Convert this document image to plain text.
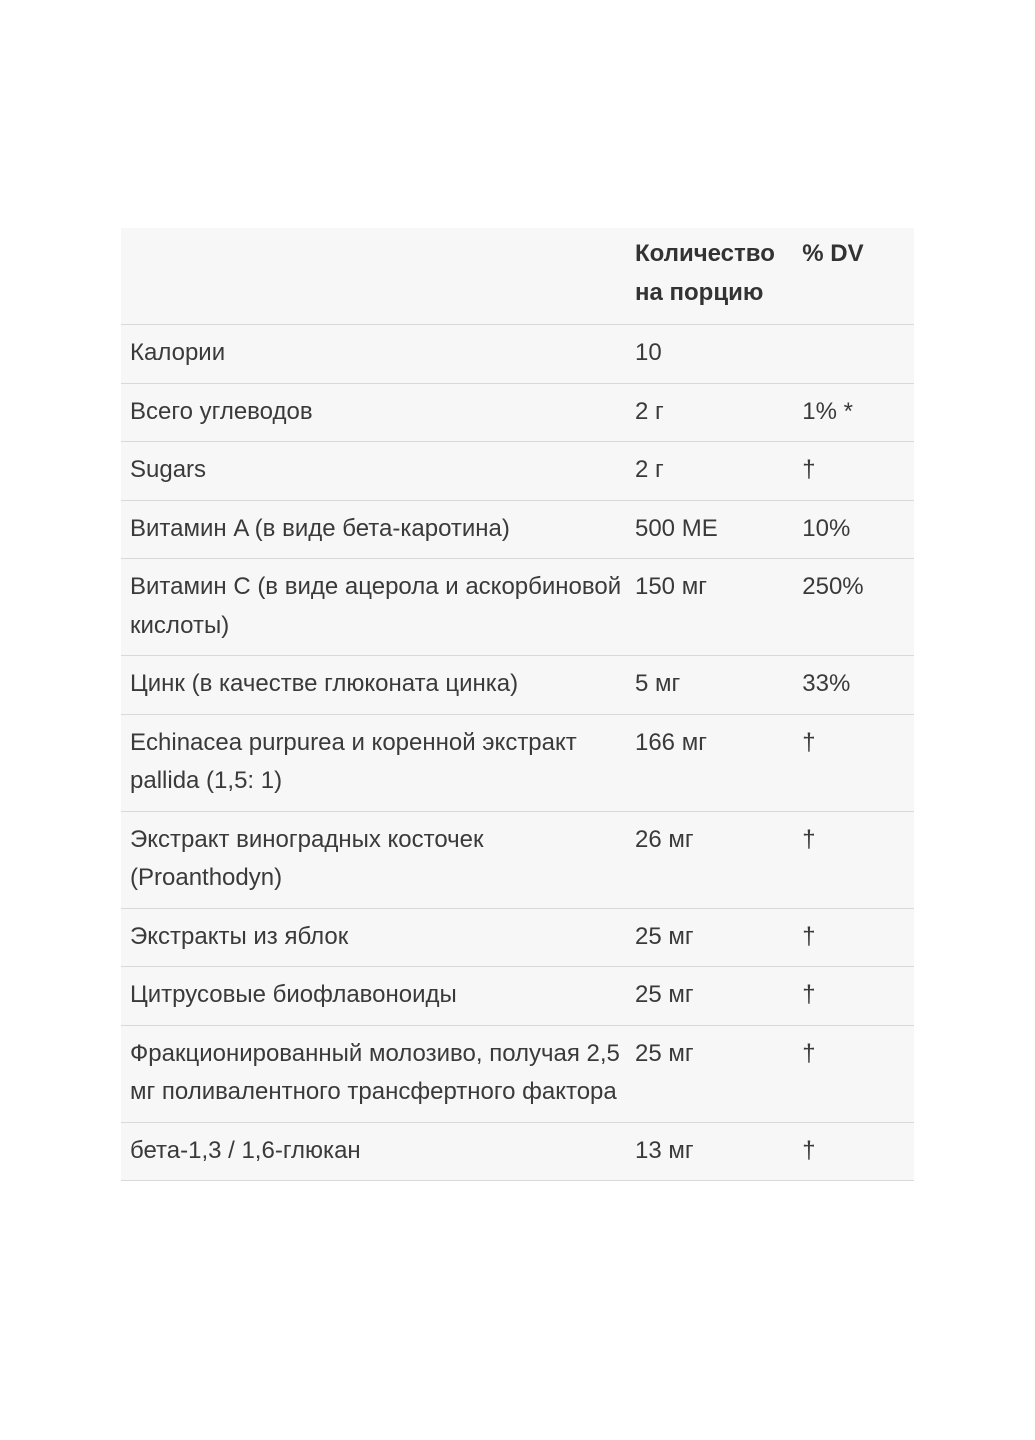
	Количество на порцию	% DV
Калории	10	
Всего углеводов	2 г	1% *
Sugars	2 г	†
Витамин A (в виде бета-каротина)	500 МЕ	10%
Витамин C (в виде ацерола и аскорбиновой кислоты)	150 мг	250%
Цинк (в качестве глюконата цинка)	5 мг	33%
Echinacea purpurea и коренной экстракт pallida (1,5: 1)	166 мг	†
Экстракт виноградных косточек (Proanthodyn)	26 мг	†
Экстракты из яблок	25 мг	†
Цитрусовые биофлавоноиды	25 мг	†
Фракционированный молозиво, получая 2,5 мг поливалентного трансфертного фактора	25 мг	†
бета-1,3 / 1,6-глюкан	13 мг	†
